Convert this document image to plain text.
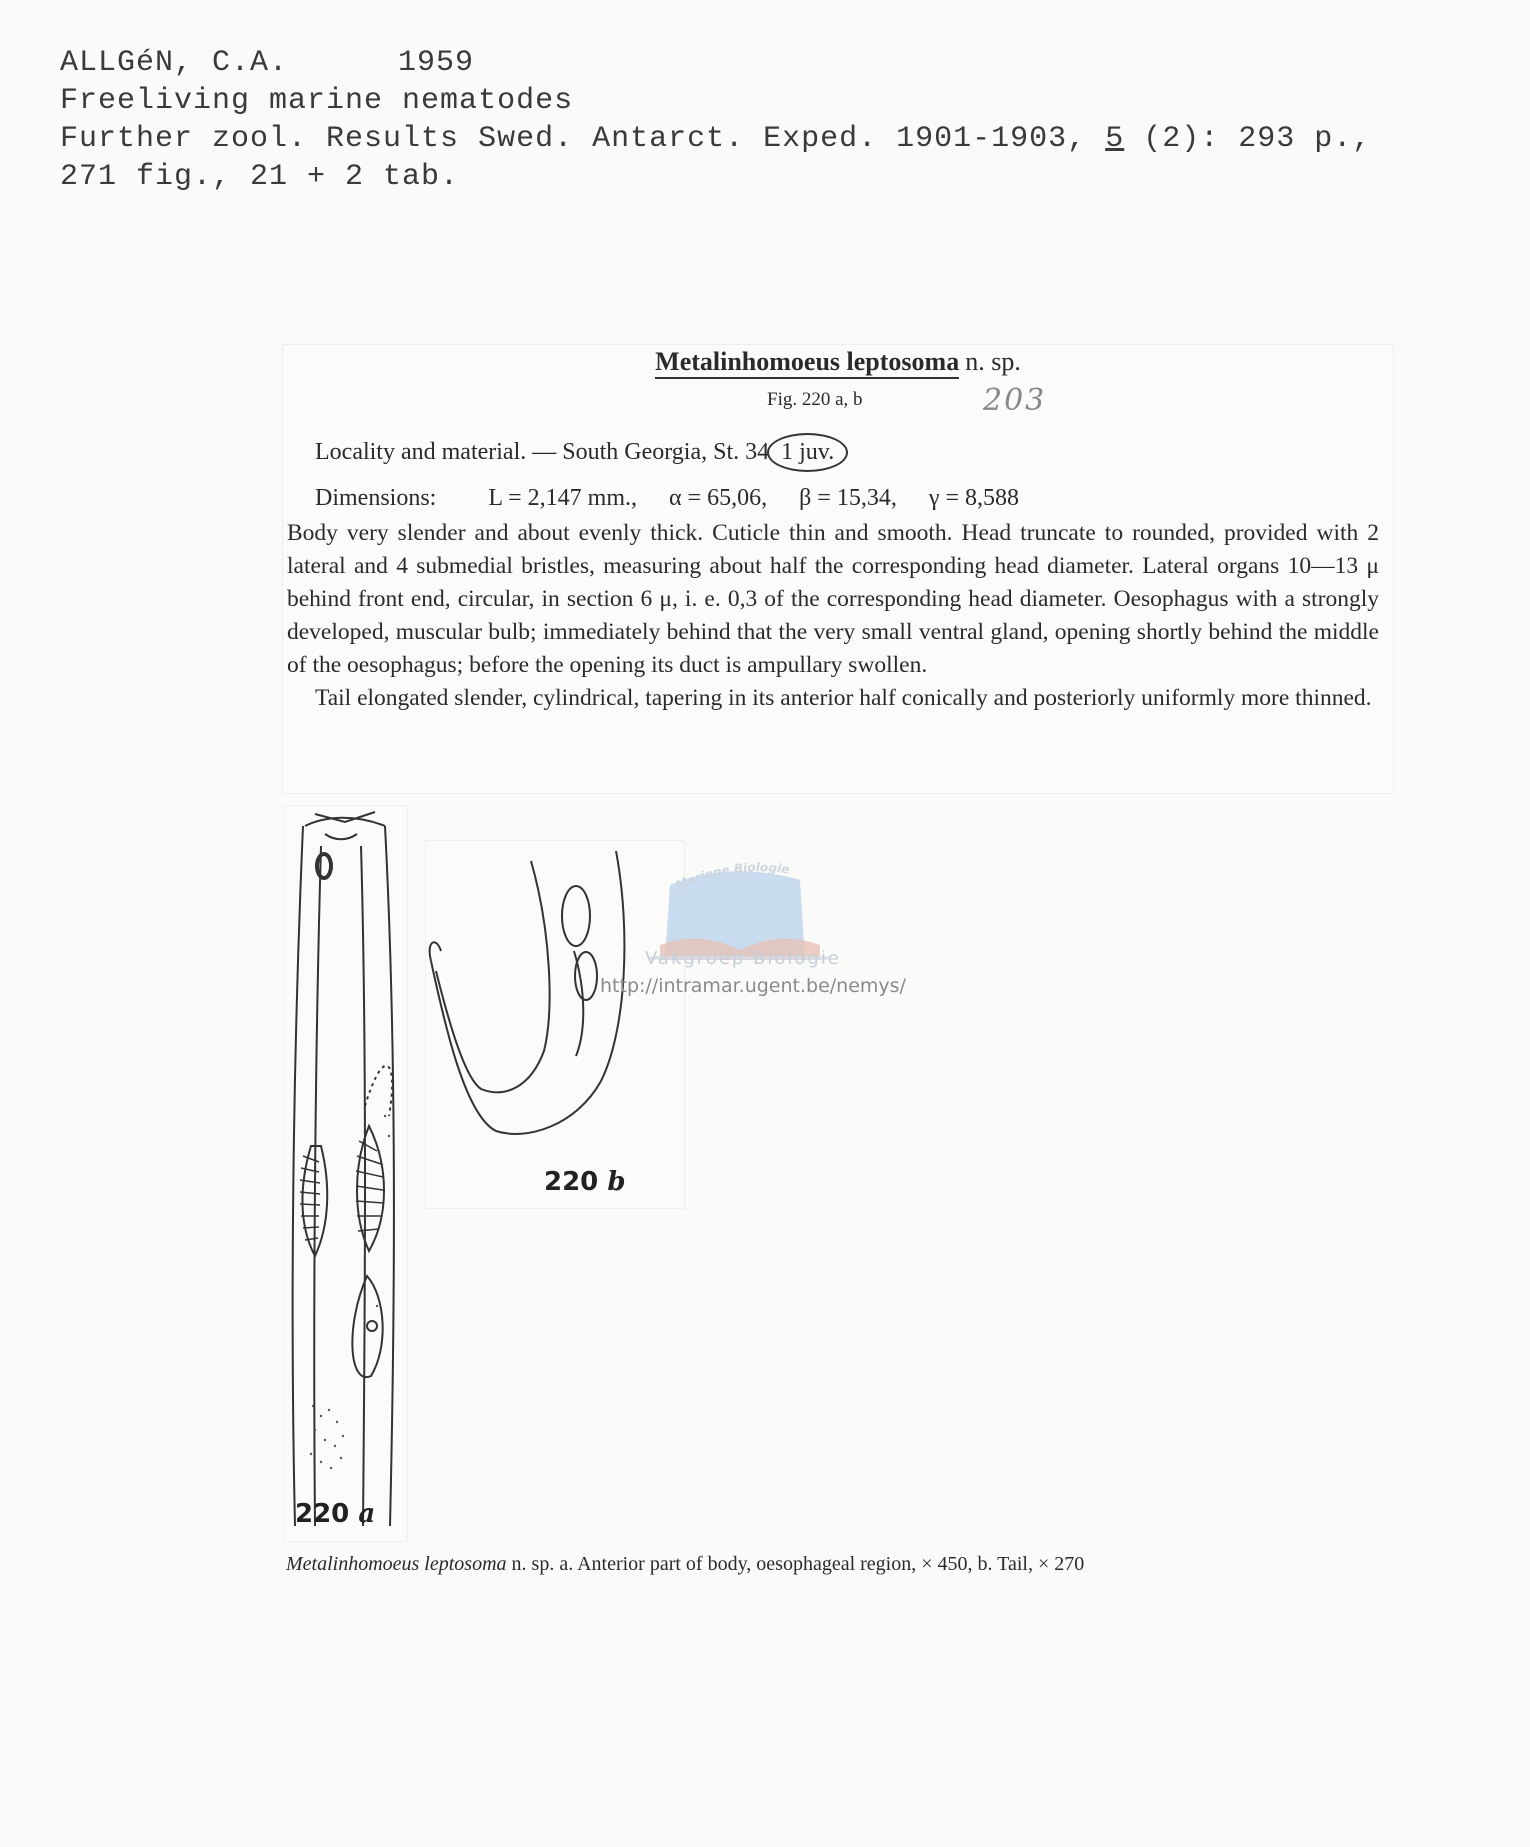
ALLGéN, C.A.	1959
Freeliving marine nematodes
Further zool. Results Swed. Antarct. Exped. 1901-1903, 5 (2): 293 p.,
271 fig., 21 + 2 tab.
Metalinhomoeus leptosoma n. sp.
Fig. 220 a, b	203
Locality and material. — South Georgia, St. 34 1 juv.
Dimensions: L = 2,147 mm., α = 65,06, β = 15,34, γ = 8,588

Body very slender and about evenly thick. Cuticle thin and smooth. Head truncate to rounded, provided with 2 lateral and 4 submedial bristles, measuring about half the corresponding head diameter. Lateral organs 10—13 μ behind front end, circular, in section 6 μ, i. e. 0,3 of the corresponding head diameter. Oesophagus with a strongly developed, muscular bulb; immediately behind that the very small ventral gland, opening shortly behind the middle of the oesophagus; before the opening its duct is ampullary swollen.

Tail elongated slender, cylindrical, tapering in its anterior half conically and posteriorly uniformly more thinned.

220 a
220 b
Mariene Biologie
Vakgroep Biologie
http://intramar.ugent.be/nemys/
Metalinhomoeus leptosoma n. sp. a. Anterior part of body, oesophageal region, × 450, b. Tail, × 270
